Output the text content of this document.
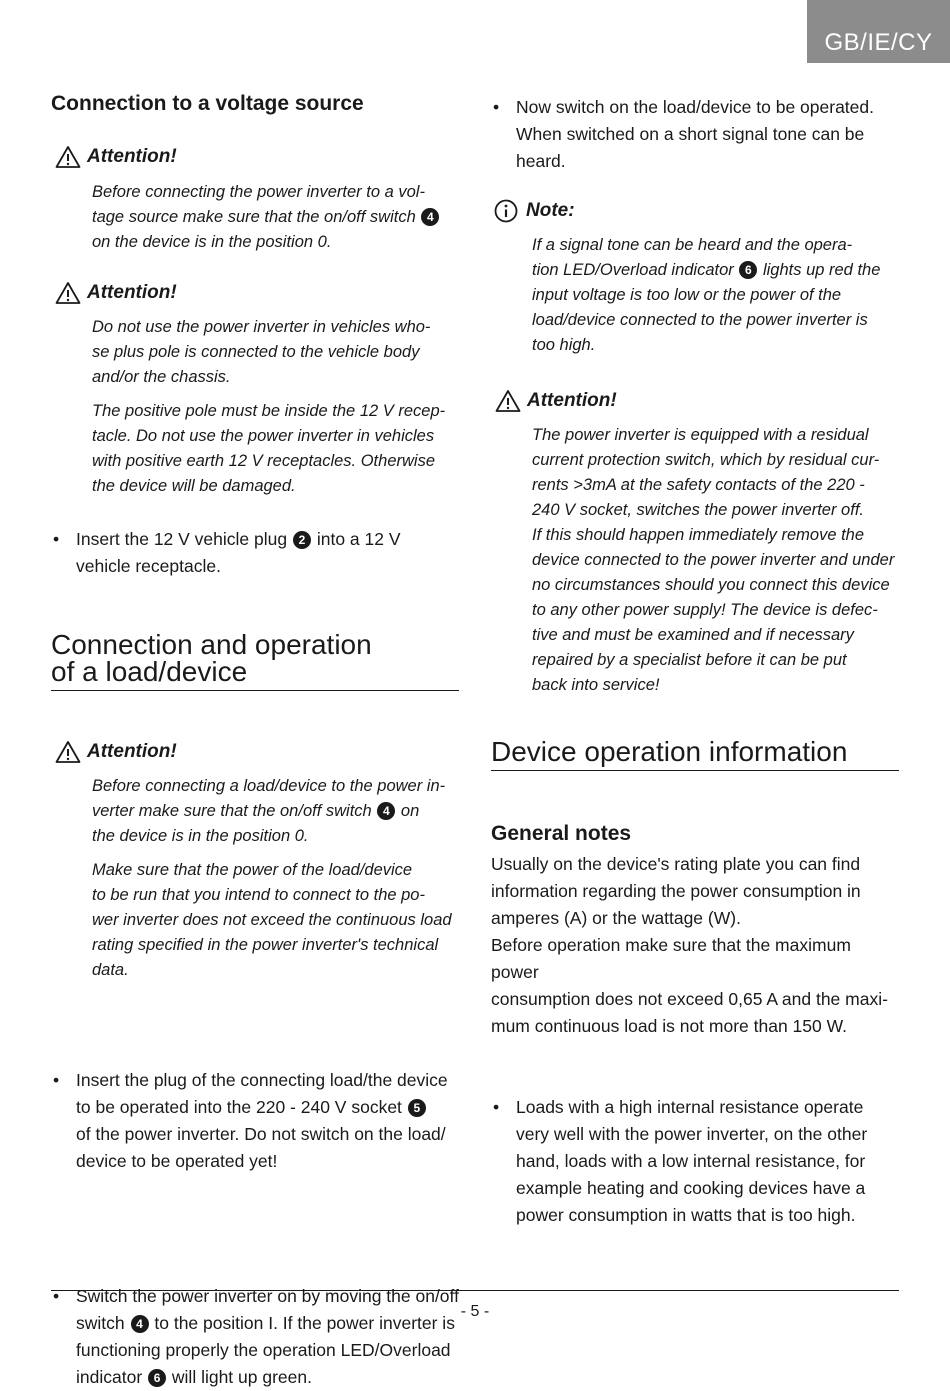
GB/IE/CY
Connection to a voltage source
Attention!
Before connecting the power inverter to a vol-
tage source make sure that the on/off switch 4
on the device is in the position 0.
Attention!
Do not use the power inverter in vehicles who-
se plus pole is connected to the vehicle body
and/or the chassis.
The positive pole must be inside the 12 V recep-
tacle. Do not use the power inverter in vehicles
with positive earth 12 V receptacles. Otherwise
the device will be damaged.
• Insert the 12 V vehicle plug 2 into a 12 V
vehicle receptacle.
Connection and operation
of a load/device
Attention!
Before connecting a load/device to the power in-
verter make sure that the on/off switch 4 on
the device is in the position 0.
Make sure that the power of the load/device
to be run that you intend to connect to the po-
wer inverter does not exceed the continuous load
rating specified in the power inverter's technical
data.
• Insert the plug of the connecting load/the device
to be operated into the 220 - 240 V socket 5
of the power inverter. Do not switch on the load/
device to be operated yet!
• Switch the power inverter on by moving the on/off
switch 4 to the position I. If the power inverter is
functioning properly the operation LED/Overload
indicator 6 will light up green.
• Now switch on the load/device to be operated.
When switched on a short signal tone can be
heard.
Note:
If a signal tone can be heard and the opera-
tion LED/Overload indicator 6 lights up red the
input voltage is too low or the power of the
load/device connected to the power inverter is
too high.
Attention!
The power inverter is equipped with a residual
current protection switch, which by residual cur-
rents >3mA at the safety contacts of the 220 -
240 V socket, switches the power inverter off.
If this should happen immediately remove the
device connected to the power inverter and under
no circumstances should you connect this device
to any other power supply! The device is defec-
tive and must be examined and if necessary
repaired by a specialist before it can be put
back into service!
Device operation information
General notes
Usually on the device's rating plate you can find
information regarding the power consumption in
amperes (A) or the wattage (W).
Before operation make sure that the maximum power
consumption does not exceed 0,65 A and the maxi-
mum continuous load is not more than 150 W.
• Loads with a high internal resistance operate
very well with the power inverter, on the other
hand, loads with a low internal resistance, for
example heating and cooking devices have a
power consumption in watts that is too high.
- 5 -
